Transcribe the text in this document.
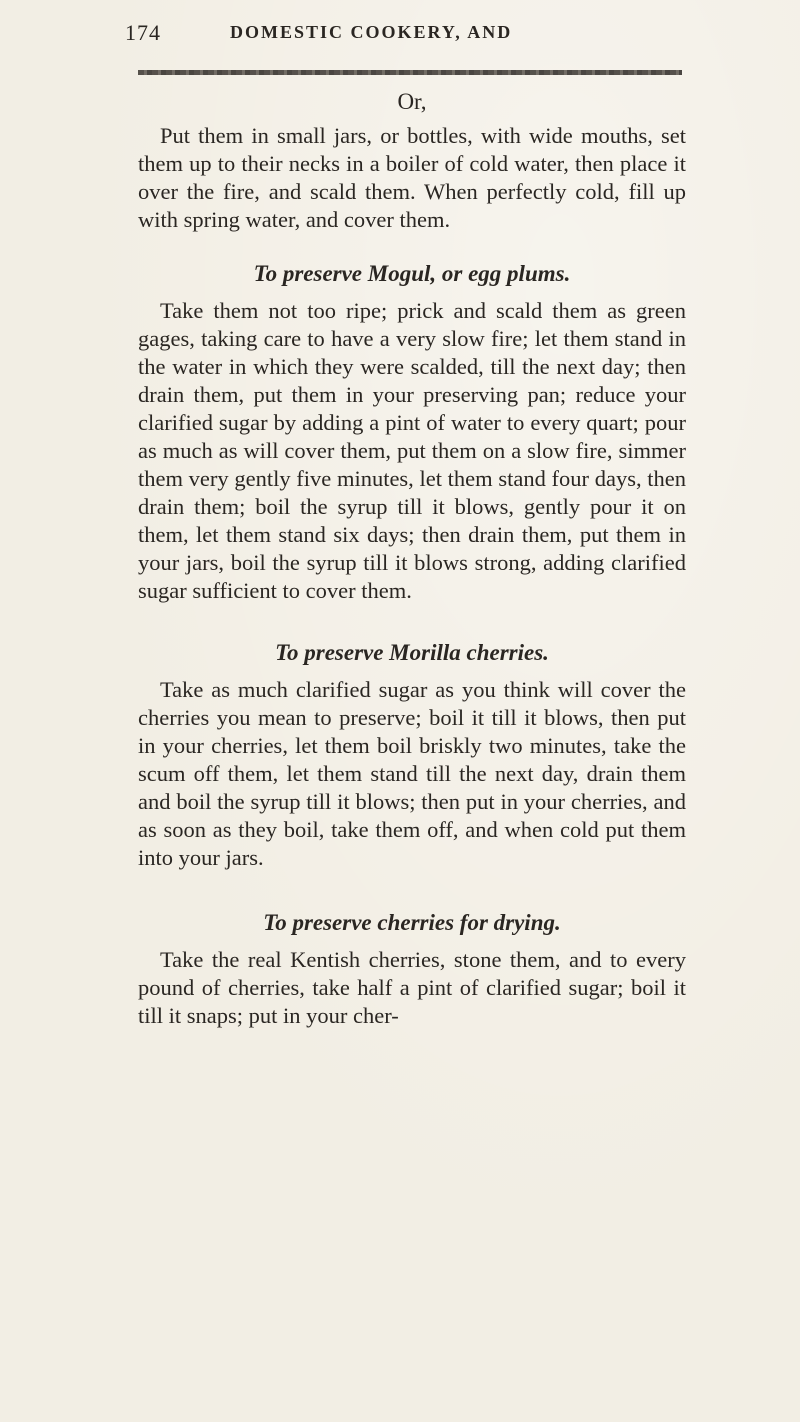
174	DOMESTIC COOKERY, AND
Or,

Put them in small jars, or bottles, with wide mouths, set them up to their necks in a boiler of cold water, then place it over the fire, and scald them. When perfectly cold, fill up with spring water, and cover them.

To preserve Mogul, or egg plums.

Take them not too ripe; prick and scald them as green gages, taking care to have a very slow fire; let them stand in the water in which they were scalded, till the next day; then drain them, put them in your preserving pan; reduce your clarified sugar by adding a pint of water to every quart; pour as much as will cover them, put them on a slow fire, simmer them very gently five minutes, let them stand four days, then drain them; boil the syrup till it blows, gently pour it on them, let them stand six days; then drain them, put them in your jars, boil the syrup till it blows strong, adding clarified sugar sufficient to cover them.

To preserve Morilla cherries.

Take as much clarified sugar as you think will cover the cherries you mean to preserve; boil it till it blows, then put in your cherries, let them boil briskly two minutes, take the scum off them, let them stand till the next day, drain them and boil the syrup till it blows; then put in your cherries, and as soon as they boil, take them off, and when cold put them into your jars.

To preserve cherries for drying.

Take the real Kentish cherries, stone them, and to every pound of cherries, take half a pint of clarified sugar; boil it till it snaps; put in your cher-
